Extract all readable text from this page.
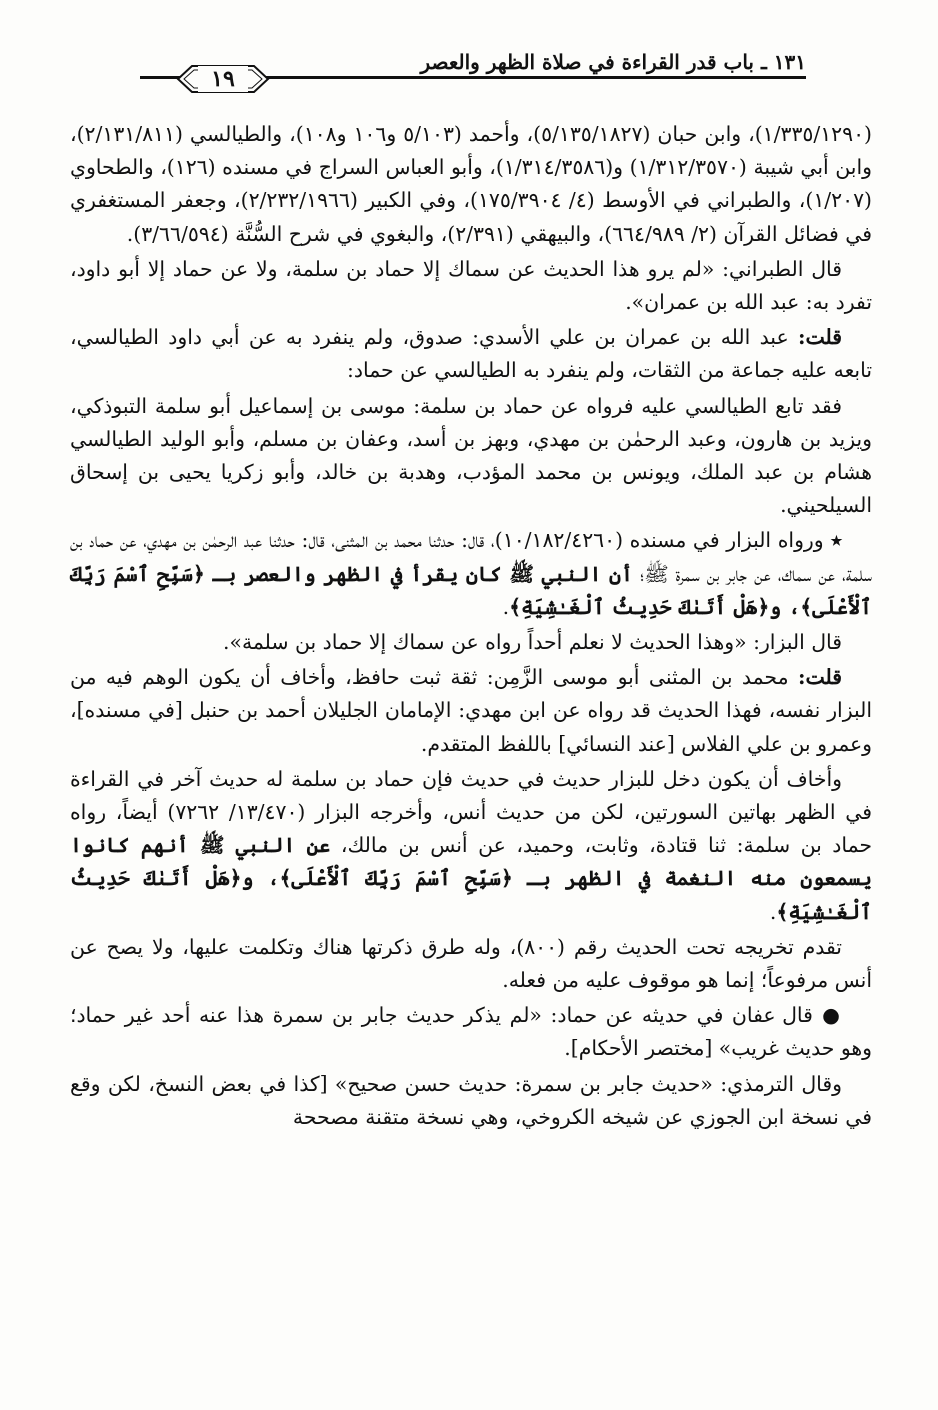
١٣١ ـ باب قدر القراءة في صلاة الظهر والعصر
١٩
(١/٣٣٥/١٢٩٠)، وابن حبان (٥/١٣٥/١٨٢٧)، وأحمد (٥/١٠٣ و١٠٦ و١٠٨)، والطيالسي (٢/١٣١/٨١١)، وابن أبي شيبة (١/٣١٢/٣٥٧٠) و(١/٣١٤/٣٥٨٦)، وأبو العباس السراج في مسنده (١٢٦)، والطحاوي (١/٢٠٧)، والطبراني في الأوسط (٤/ ١٧٥/٣٩٠٤)، وفي الكبير (٢/٢٣٢/١٩٦٦)، وجعفر المستغفري في فضائل القرآن (٢/ ٦٦٤/٩٨٩)، والبيهقي (٢/٣٩١)، والبغوي في شرح السُّنَّة (٣/٦٦/٥٩٤).
قال الطبراني: «لم يرو هذا الحديث عن سماك إلا حماد بن سلمة، ولا عن حماد إلا أبو داود، تفرد به: عبد الله بن عمران».
قلت: عبد الله بن عمران بن علي الأسدي: صدوق، ولم ينفرد به عن أبي داود الطيالسي، تابعه عليه جماعة من الثقات، ولم ينفرد به الطيالسي عن حماد:
فقد تابع الطيالسي عليه فرواه عن حماد بن سلمة: موسى بن إسماعيل أبو سلمة التبوذكي، ويزيد بن هارون، وعبد الرحمٰن بن مهدي، وبهز بن أسد، وعفان بن مسلم، وأبو الوليد الطيالسي هشام بن عبد الملك، ويونس بن محمد المؤدب، وهدبة بن خالد، وأبو زكريا يحيى بن إسحاق السيلحيني.
٭ ورواه البزار في مسنده (١٠/١٨٢/٤٢٦٠)، قال: حدثنا محمد بن المثنى، قال: حدثنا عبد الرحمٰن بن مهدي، عن حماد بن سلمة، عن سماك، عن جابر بن سمرة ﷺ؛ أن النبي ﷺ كان يقرأ في الظهر والعصر بـ ﴿سَبِّحِ ٱسْمَ رَبِّكَ ٱلْأَعْلَى﴾، و﴿هَلْ أَتَىٰكَ حَدِيثُ ٱلْغَـٰشِيَةِ﴾.
قال البزار: «وهذا الحديث لا نعلم أحداً رواه عن سماك إلا حماد بن سلمة».
قلت: محمد بن المثنى أبو موسى الزَّمِن: ثقة ثبت حافظ، وأخاف أن يكون الوهم فيه من البزار نفسه، فهذا الحديث قد رواه عن ابن مهدي: الإمامان الجليلان أحمد بن حنبل [في مسنده]، وعمرو بن علي الفلاس [عند النسائي] باللفظ المتقدم.
وأخاف أن يكون دخل للبزار حديث في حديث فإن حماد بن سلمة له حديث آخر في القراءة في الظهر بهاتين السورتين، لكن من حديث أنس، وأخرجه البزار (١٣/٤٧٠/ ٧٢٦٢) أيضاً، رواه حماد بن سلمة: ثنا قتادة، وثابت، وحميد، عن أنس بن مالك، عن النبي ﷺ أنهم كانوا يسمعون منه النغمة في الظهر بـ ﴿سَبِّحِ ٱسْمَ رَبِّكَ ٱلْأَعْلَى﴾، و﴿هَلْ أَتَىٰكَ حَدِيثُ ٱلْغَـٰشِيَةِ﴾.
تقدم تخريجه تحت الحديث رقم (٨٠٠)، وله طرق ذكرتها هناك وتكلمت عليها، ولا يصح عن أنس مرفوعاً؛ إنما هو موقوف عليه من فعله.
● قال عفان في حديثه عن حماد: «لم يذكر حديث جابر بن سمرة هذا عنه أحد غير حماد؛ وهو حديث غريب» [مختصر الأحكام].
وقال الترمذي: «حديث جابر بن سمرة: حديث حسن صحيح» [كذا في بعض النسخ، لكن وقع في نسخة ابن الجوزي عن شيخه الكروخي، وهي نسخة متقنة مصححة
